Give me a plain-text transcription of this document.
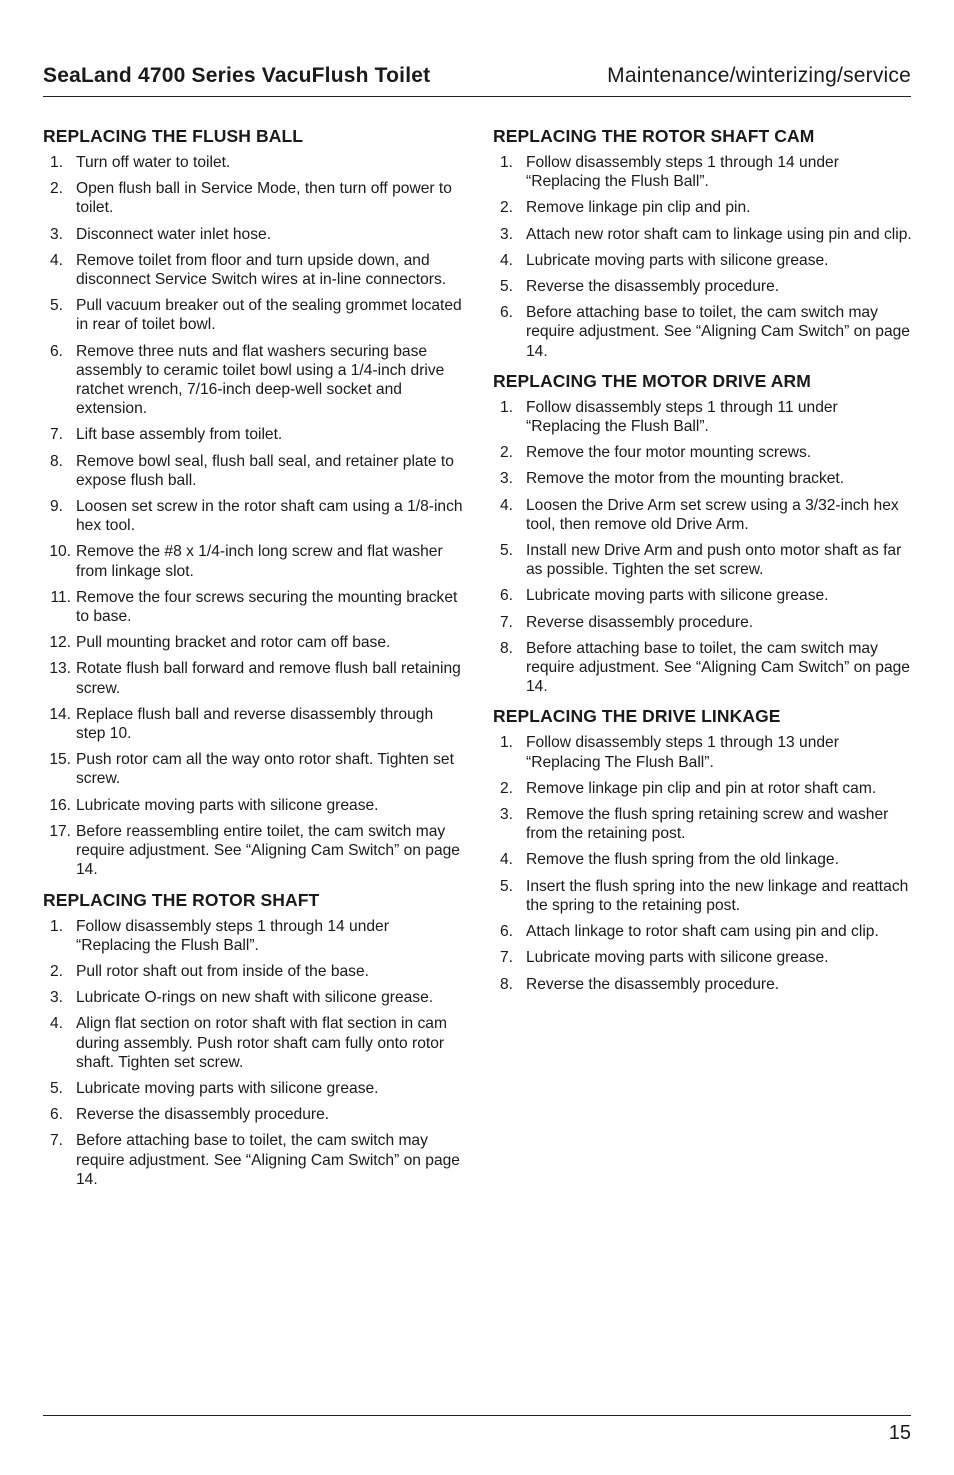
SeaLand 4700 Series VacuFlush Toilet	Maintenance/winterizing/service
REPLACING THE FLUSH BALL
1. Turn off water to toilet.
2. Open flush ball in Service Mode, then turn off power to toilet.
3. Disconnect water inlet hose.
4. Remove toilet from floor and turn upside down, and disconnect Service Switch wires at in-line connectors.
5. Pull vacuum breaker out of the sealing grommet located in rear of toilet bowl.
6. Remove three nuts and flat washers securing base assembly to ceramic toilet bowl using a 1/4-inch drive ratchet wrench, 7/16-inch deep-well socket and extension.
7. Lift base assembly from toilet.
8. Remove bowl seal, flush ball seal, and retainer plate to expose flush ball.
9. Loosen set screw in the rotor shaft cam using a 1/8-inch hex tool.
10. Remove the #8 x 1/4-inch long screw and flat washer from linkage slot.
11. Remove the four screws securing the mounting bracket to base.
12. Pull mounting bracket and rotor cam off base.
13. Rotate flush ball forward and remove flush ball retaining screw.
14. Replace flush ball and reverse disassembly through step 10.
15. Push rotor cam all the way onto rotor shaft. Tighten set screw.
16. Lubricate moving parts with silicone grease.
17. Before reassembling entire toilet, the cam switch may require adjustment. See “Aligning Cam Switch” on page 14.
REPLACING THE ROTOR SHAFT
1. Follow disassembly steps 1 through 14 under “Replacing the Flush Ball”.
2. Pull rotor shaft out from inside of the base.
3. Lubricate O-rings on new shaft with silicone grease.
4. Align flat section on rotor shaft with flat section in cam during assembly. Push rotor shaft cam fully onto rotor shaft. Tighten set screw.
5. Lubricate moving parts with silicone grease.
6. Reverse the disassembly procedure.
7. Before attaching base to toilet, the cam switch may require adjustment. See “Aligning Cam Switch” on page 14.
REPLACING THE ROTOR SHAFT CAM
1. Follow disassembly steps 1 through 14 under “Replacing the Flush Ball”.
2. Remove linkage pin clip and pin.
3. Attach new rotor shaft cam to linkage using pin and clip.
4. Lubricate moving parts with silicone grease.
5. Reverse the disassembly procedure.
6. Before attaching base to toilet, the cam switch may require adjustment. See “Aligning Cam Switch” on page 14.
REPLACING THE MOTOR DRIVE ARM
1. Follow disassembly steps 1 through 11 under “Replacing the Flush Ball”.
2. Remove the four motor mounting screws.
3. Remove the motor from the mounting bracket.
4. Loosen the Drive Arm set screw using a 3/32-inch hex tool, then remove old Drive Arm.
5. Install new Drive Arm and push onto motor shaft as far as possible. Tighten the set screw.
6. Lubricate moving parts with silicone grease.
7. Reverse disassembly procedure.
8. Before attaching base to toilet, the cam switch may require adjustment. See “Aligning Cam Switch” on page 14.
REPLACING THE DRIVE LINKAGE
1. Follow disassembly steps 1 through 13 under “Replacing The Flush Ball”.
2. Remove linkage pin clip and pin at rotor shaft cam.
3. Remove the flush spring retaining screw and washer from the retaining post.
4. Remove the flush spring from the old linkage.
5. Insert the flush spring into the new linkage and reattach the spring to the retaining post.
6. Attach linkage to rotor shaft cam using pin and clip.
7. Lubricate moving parts with silicone grease.
8. Reverse the disassembly procedure.
15
